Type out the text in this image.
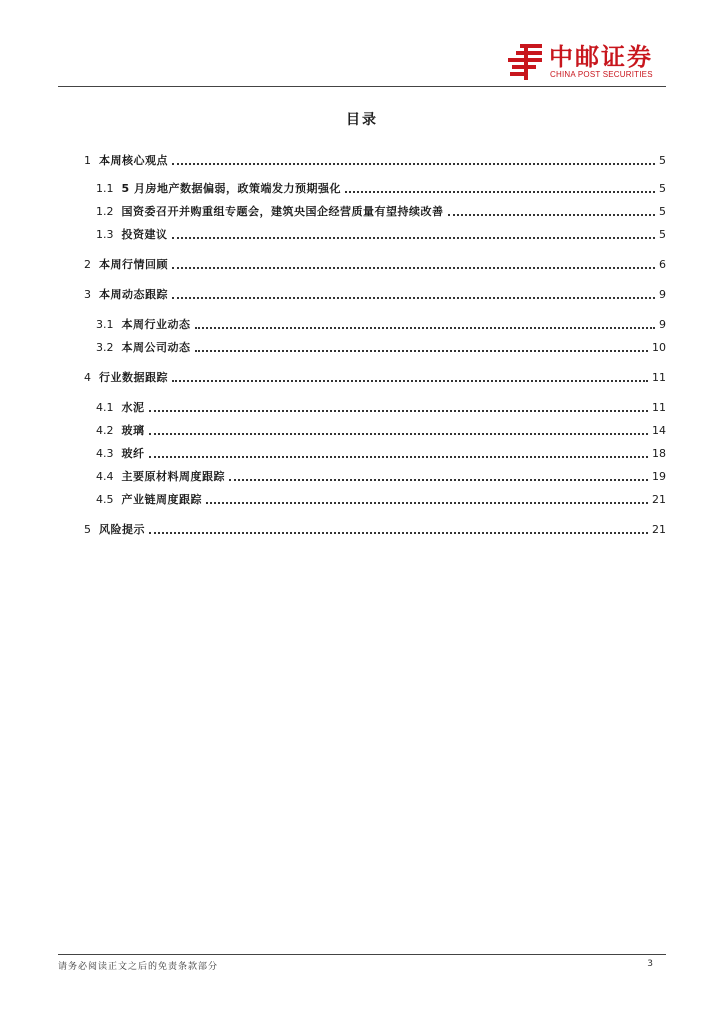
中邮证券
CHINA POST SECURITIES
目录
1 本周核心观点	5
1.1 5 月房地产数据偏弱，政策端发力预期强化	5
1.2 国资委召开并购重组专题会，建筑央国企经营质量有望持续改善	5
1.3 投资建议	5
2 本周行情回顾	6
3 本周动态跟踪	9
3.1 本周行业动态	9
3.2 本周公司动态	10
4 行业数据跟踪	11
4.1 水泥	11
4.2 玻璃	14
4.3 玻纤	18
4.4 主要原材料周度跟踪	19
4.5 产业链周度跟踪	21
5 风险提示	21
请务必阅读正文之后的免责条款部分	3
